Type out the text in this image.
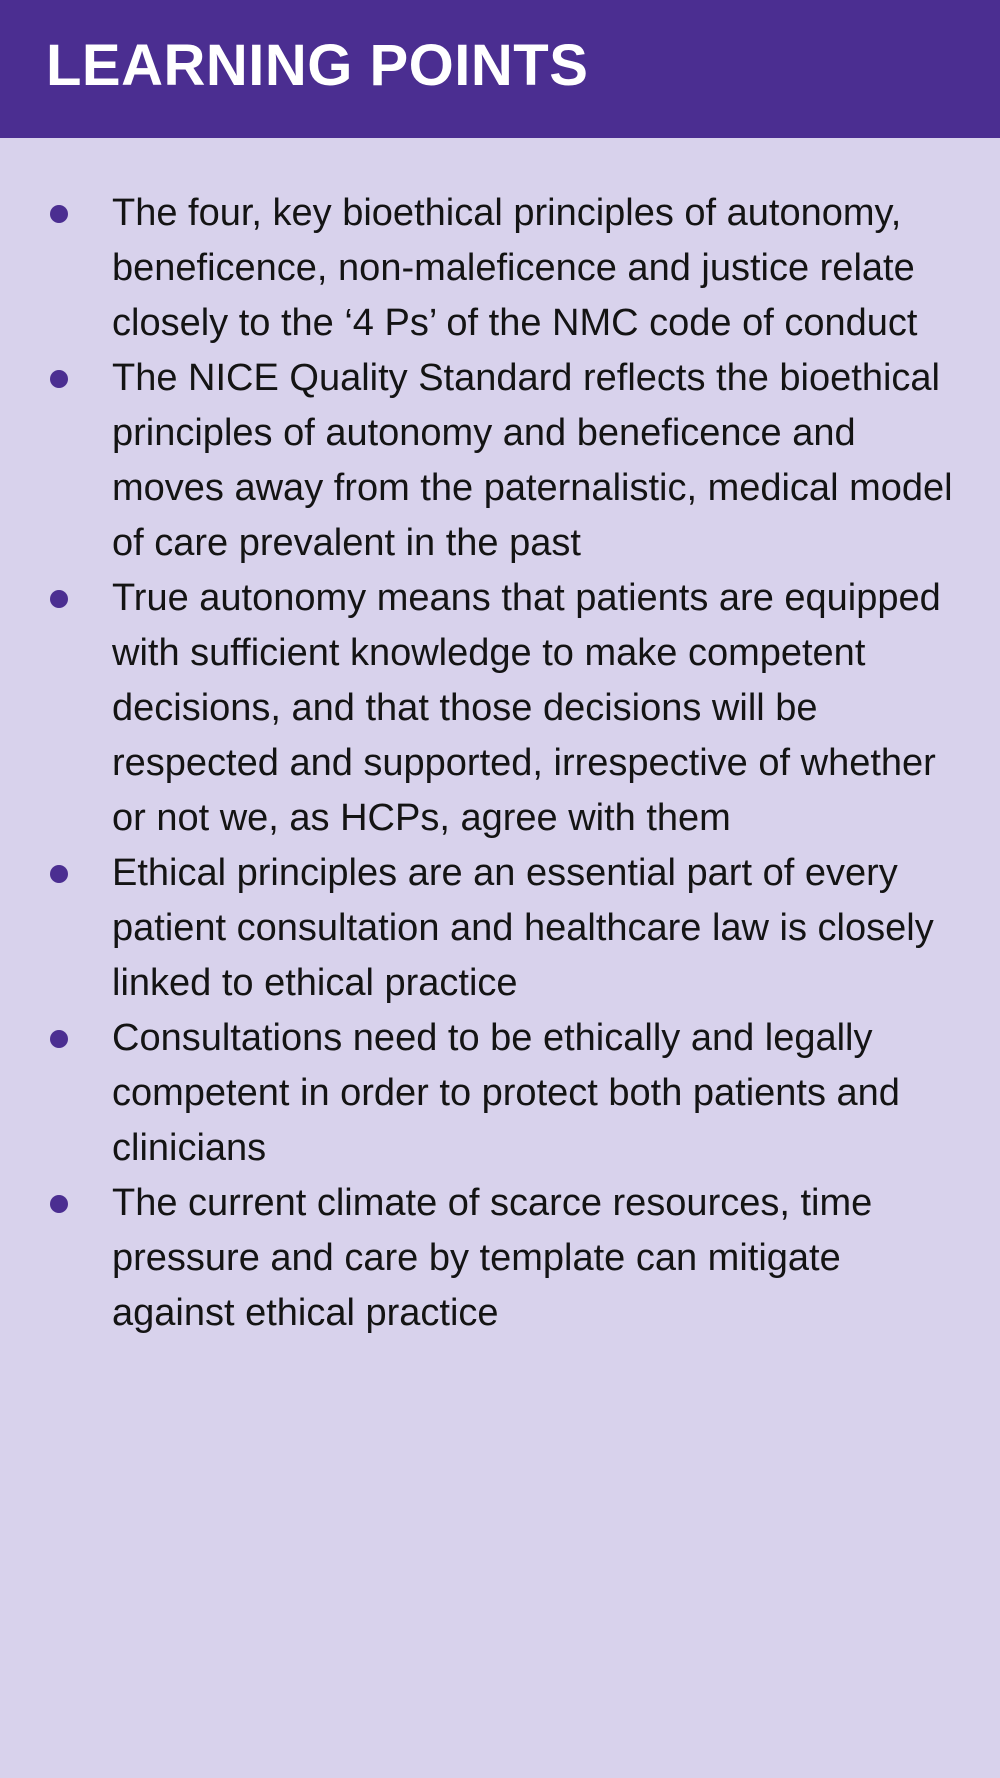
LEARNING POINTS
The four, key bioethical principles of autonomy, beneficence, non-maleficence and justice relate closely to the ‘4 Ps’ of the NMC code of conduct
The NICE Quality Standard reflects the bioethical principles of autonomy and beneficence and moves away from the paternalistic, medical model of care prevalent in the past
True autonomy means that patients are equipped with sufficient knowledge to make competent decisions, and that those decisions will be respected and supported, irrespective of whether or not we, as HCPs, agree with them
Ethical principles are an essential part of every patient consultation and healthcare law is closely linked to ethical practice
Consultations need to be ethically and legally competent in order to protect both patients and clinicians
The current climate of scarce resources, time pressure and care by template can mitigate against ethical practice
